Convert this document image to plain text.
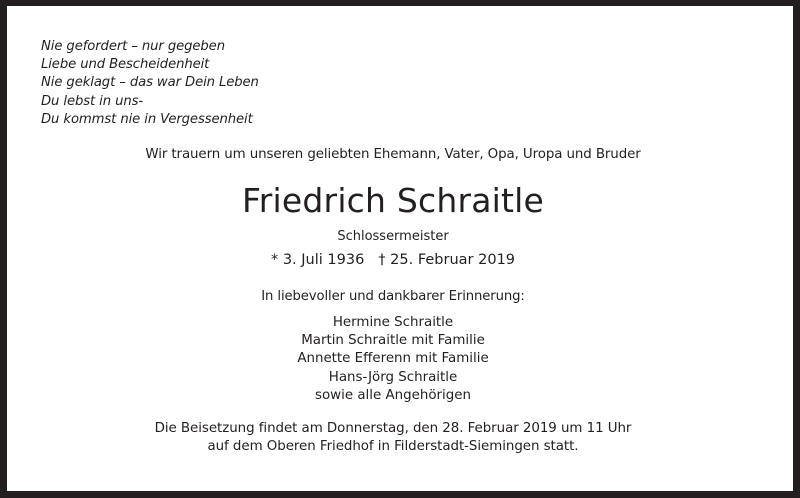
Nie gefordert – nur gegeben
Liebe und Bescheidenheit
Nie geklagt – das war Dein Leben
Du lebst in uns-
Du kommst nie in Vergessenheit
Wir trauern um unseren geliebten Ehemann, Vater, Opa, Uropa und Bruder
Friedrich Schraitle
Schlossermeister
* 3. Juli 1936 † 25. Februar 2019
In liebevoller und dankbarer Erinnerung:
Hermine Schraitle
Martin Schraitle mit Familie
Annette Efferenn mit Familie
Hans-Jörg Schraitle
sowie alle Angehörigen
Die Beisetzung findet am Donnerstag, den 28. Februar 2019 um 11 Uhr
auf dem Oberen Friedhof in Filderstadt-Siemingen statt.
